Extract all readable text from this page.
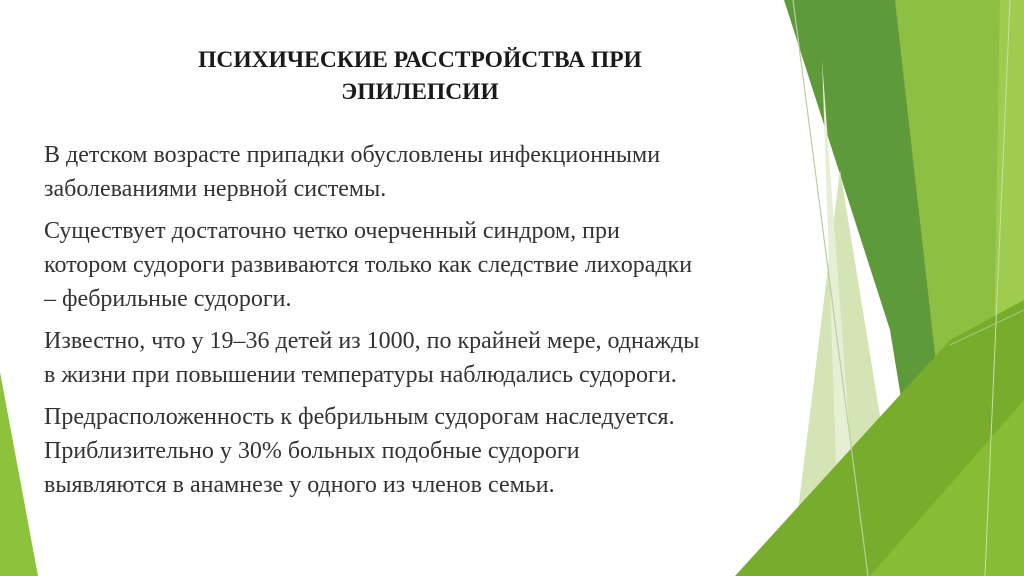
ПСИХИЧЕСКИЕ РАССТРОЙСТВА ПРИ
ЭПИЛЕПСИИ

В детском возрасте припадки обусловлены инфекционными
заболеваниями нервной системы.

Существует достаточно четко очерченный синдром, при
котором судороги развиваются только как следствие лихорадки
– фебрильные судороги.

Известно, что у 19–36 детей из 1000, по крайней мере, однажды
в жизни при повышении температуры наблюдались судороги.

Предрасположенность к фебрильным судорогам наследуется.
Приблизительно у 30% больных подобные судороги
выявляются в анамнезе у одного из членов семьи.
